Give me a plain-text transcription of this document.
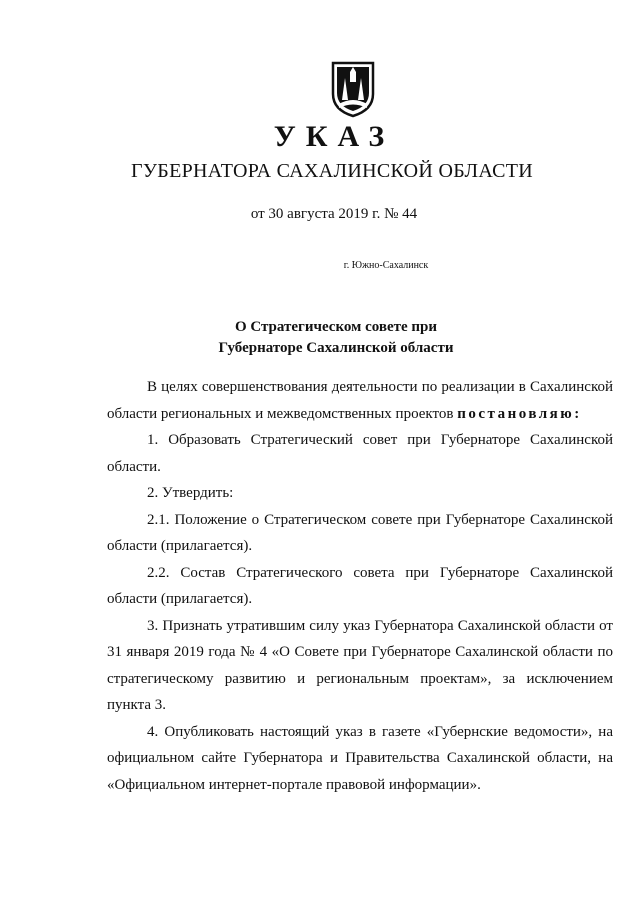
УКАЗ
ГУБЕРНАТОРА САХАЛИНСКОЙ ОБЛАСТИ
от 30 августа 2019 г. № 44
г. Южно-Сахалинск
О Стратегическом совете при
Губернаторе Сахалинской области

В целях совершенствования деятельности по реализации в Сахалинской области региональных и межведомственных проектов постановляю:

1. Образовать Стратегический совет при Губернаторе Сахалинской области.

2. Утвердить:

2.1. Положение о Стратегическом совете при Губернаторе Сахалинской области (прилагается).

2.2. Состав Стратегического совета при Губернаторе Сахалинской области (прилагается).

3. Признать утратившим силу указ Губернатора Сахалинской области от 31 января 2019 года № 4 «О Совете при Губернаторе Сахалинской области по стратегическому развитию и региональным проектам», за исключением пункта 3.

4. Опубликовать настоящий указ в газете «Губернские ведомости», на официальном сайте Губернатора и Правительства Сахалинской области, на «Официальном интернет-портале правовой информации».
